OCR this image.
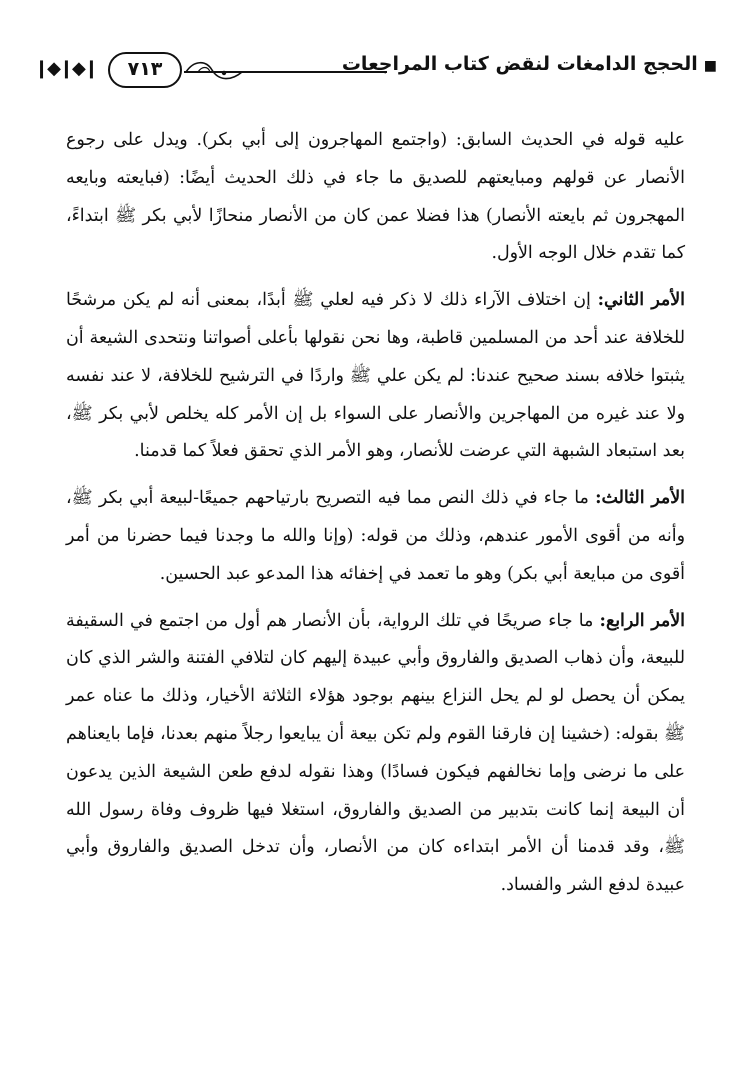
■الحجج الدامغات لنقض كتاب المراجعات
٧١٣
❙◆❙◆❙

عليه قوله في الحديث السابق: (واجتمع المهاجرون إلى أبي بكر). ويدل على رجوع الأنصار عن قولهم ومبايعتهم للصديق ما جاء في ذلك الحديث أيضًا: (فبايعته وبايعه المهجرون ثم بايعته الأنصار) هذا فضلا عمن كان من الأنصار منحازًا لأبي بكر ﷺ ابتداءً، كما تقدم خلال الوجه الأول.

الأمر الثاني: إن اختلاف الآراء ذلك لا ذكر فيه لعلي ﷺ أبدًا، بمعنى أنه لم يكن مرشحًا للخلافة عند أحد من المسلمين قاطبة، وها نحن نقولها بأعلى أصواتنا ونتحدى الشيعة أن يثبتوا خلافه بسند صحيح عندنا: لم يكن علي ﷺ واردًا في الترشيح للخلافة، لا عند نفسه ولا عند غيره من المهاجرين والأنصار على السواء بل إن الأمر كله يخلص لأبي بكر ﷺ، بعد استبعاد الشبهة التي عرضت للأنصار، وهو الأمر الذي تحقق فعلاً كما قدمنا.

الأمر الثالث: ما جاء في ذلك النص مما فيه التصريح بارتياحهم جميعًا-لبيعة أبي بكر ﷺ، وأنه من أقوى الأمور عندهم، وذلك من قوله: (وإنا والله ما وجدنا فيما حضرنا من أمر أقوى من مبايعة أبي بكر) وهو ما تعمد في إخفائه هذا المدعو عبد الحسين.

الأمر الرابع: ما جاء صريحًا في تلك الرواية، بأن الأنصار هم أول من اجتمع في السقيفة للبيعة، وأن ذهاب الصديق والفاروق وأبي عبيدة إليهم كان لتلافي الفتنة والشر الذي كان يمكن أن يحصل لو لم يحل النزاع بينهم بوجود هؤلاء الثلاثة الأخيار، وذلك ما عناه عمر ﷺ بقوله: (خشينا إن فارقنا القوم ولم تكن بيعة أن يبايعوا رجلاً منهم بعدنا، فإما بايعناهم على ما نرضى وإما نخالفهم فيكون فسادًا) وهذا نقوله لدفع طعن الشيعة الذين يدعون أن البيعة إنما كانت بتدبير من الصديق والفاروق، استغلا فيها ظروف وفاة رسول الله ﷺ، وقد قدمنا أن الأمر ابتداءه كان من الأنصار، وأن تدخل الصديق والفاروق وأبي عبيدة لدفع الشر والفساد.
